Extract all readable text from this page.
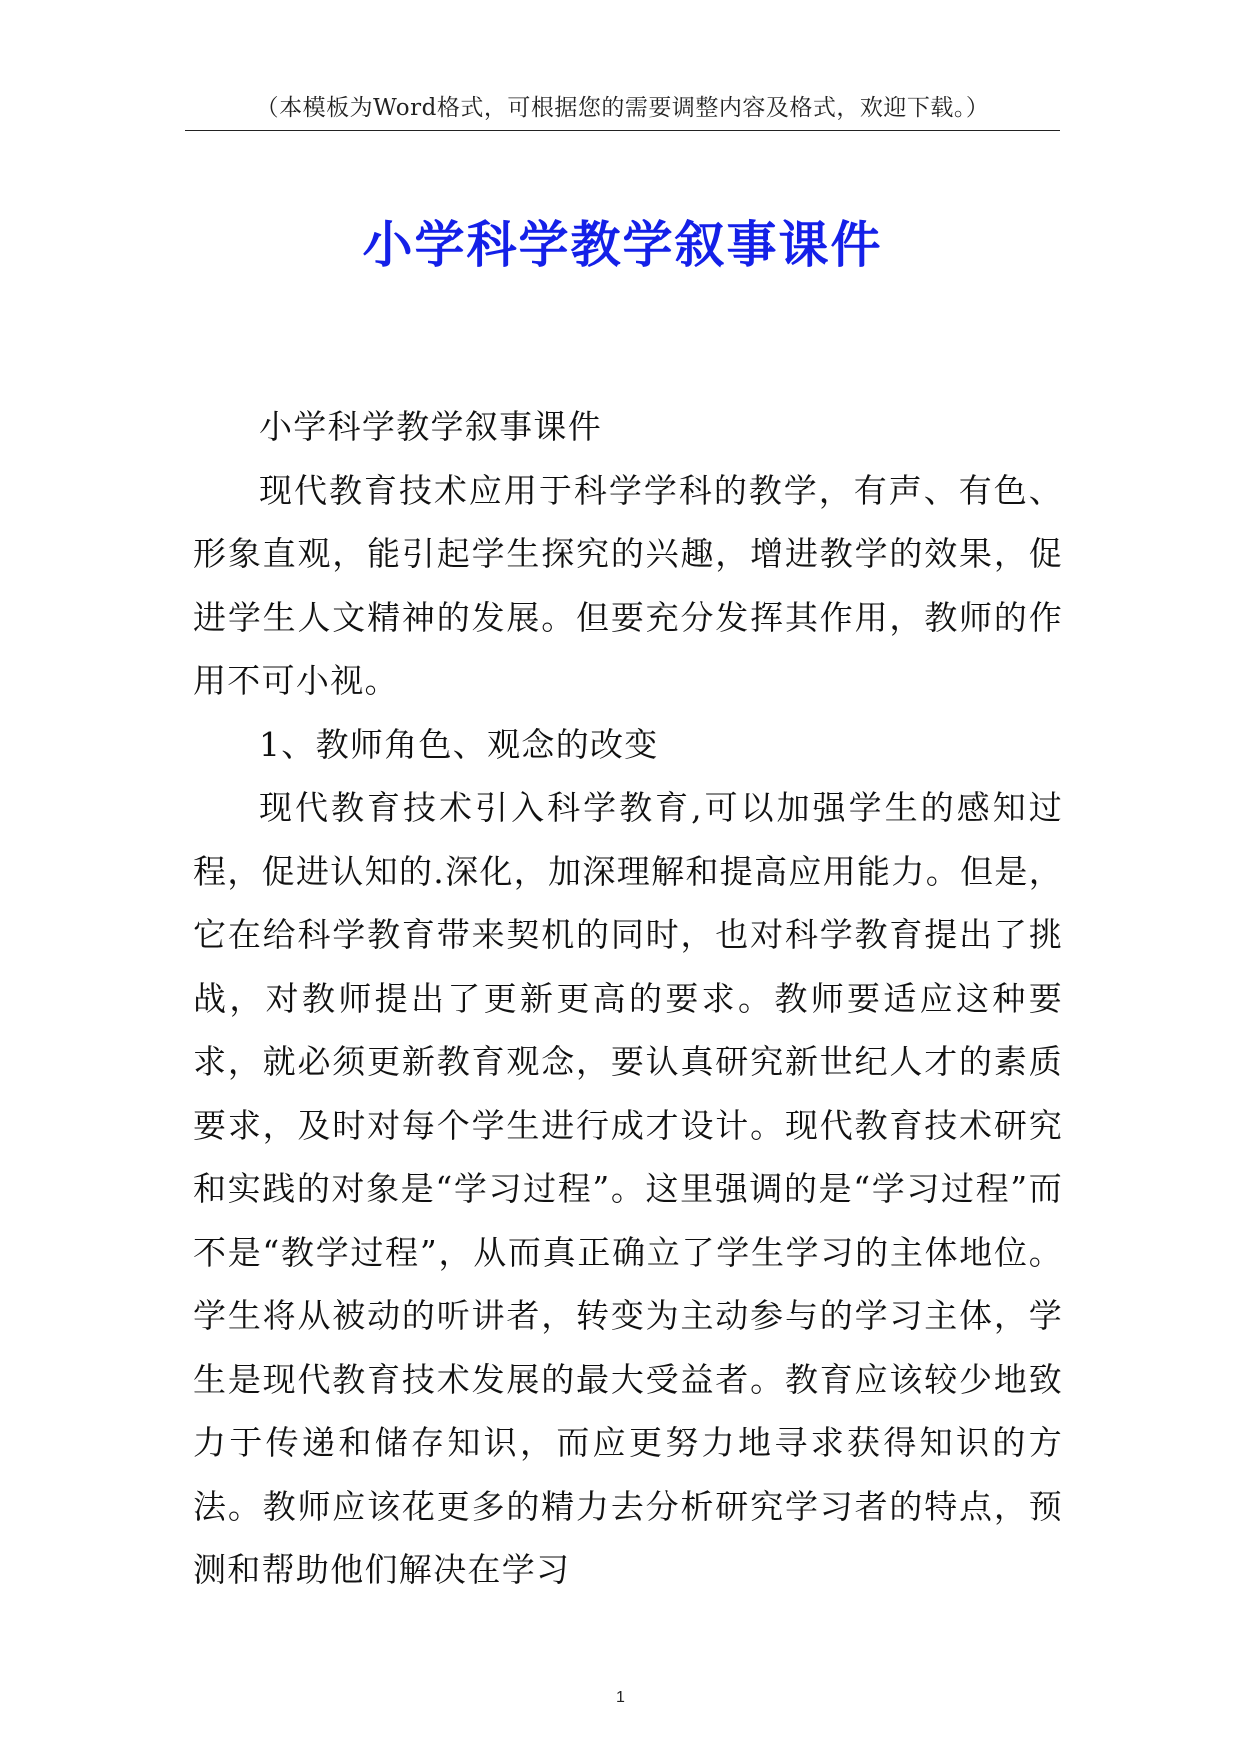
（本模板为Word格式，可根据您的需要调整内容及格式，欢迎下载。）
小学科学教学叙事课件

小学科学教学叙事课件

现代教育技术应用于科学学科的教学，有声、有色、形象直观，能引起学生探究的兴趣，增进教学的效果，促进学生人文精神的发展。但要充分发挥其作用，教师的作用不可小视。

1、教师角色、观念的改变

现代教育技术引入科学教育,可以加强学生的感知过程，促进认知的.深化，加深理解和提高应用能力。但是，它在给科学教育带来契机的同时，也对科学教育提出了挑战，对教师提出了更新更高的要求。教师要适应这种要求，就必须更新教育观念，要认真研究新世纪人才的素质要求，及时对每个学生进行成才设计。现代教育技术研究和实践的对象是“学习过程”。这里强调的是“学习过程”而不是“教学过程”，从而真正确立了学生学习的主体地位。学生将从被动的听讲者，转变为主动参与的学习主体，学生是现代教育技术发展的最大受益者。教育应该较少地致力于传递和储存知识，而应更努力地寻求获得知识的方法。教师应该花更多的精力去分析研究学习者的特点，预测和帮助他们解决在学习

1
